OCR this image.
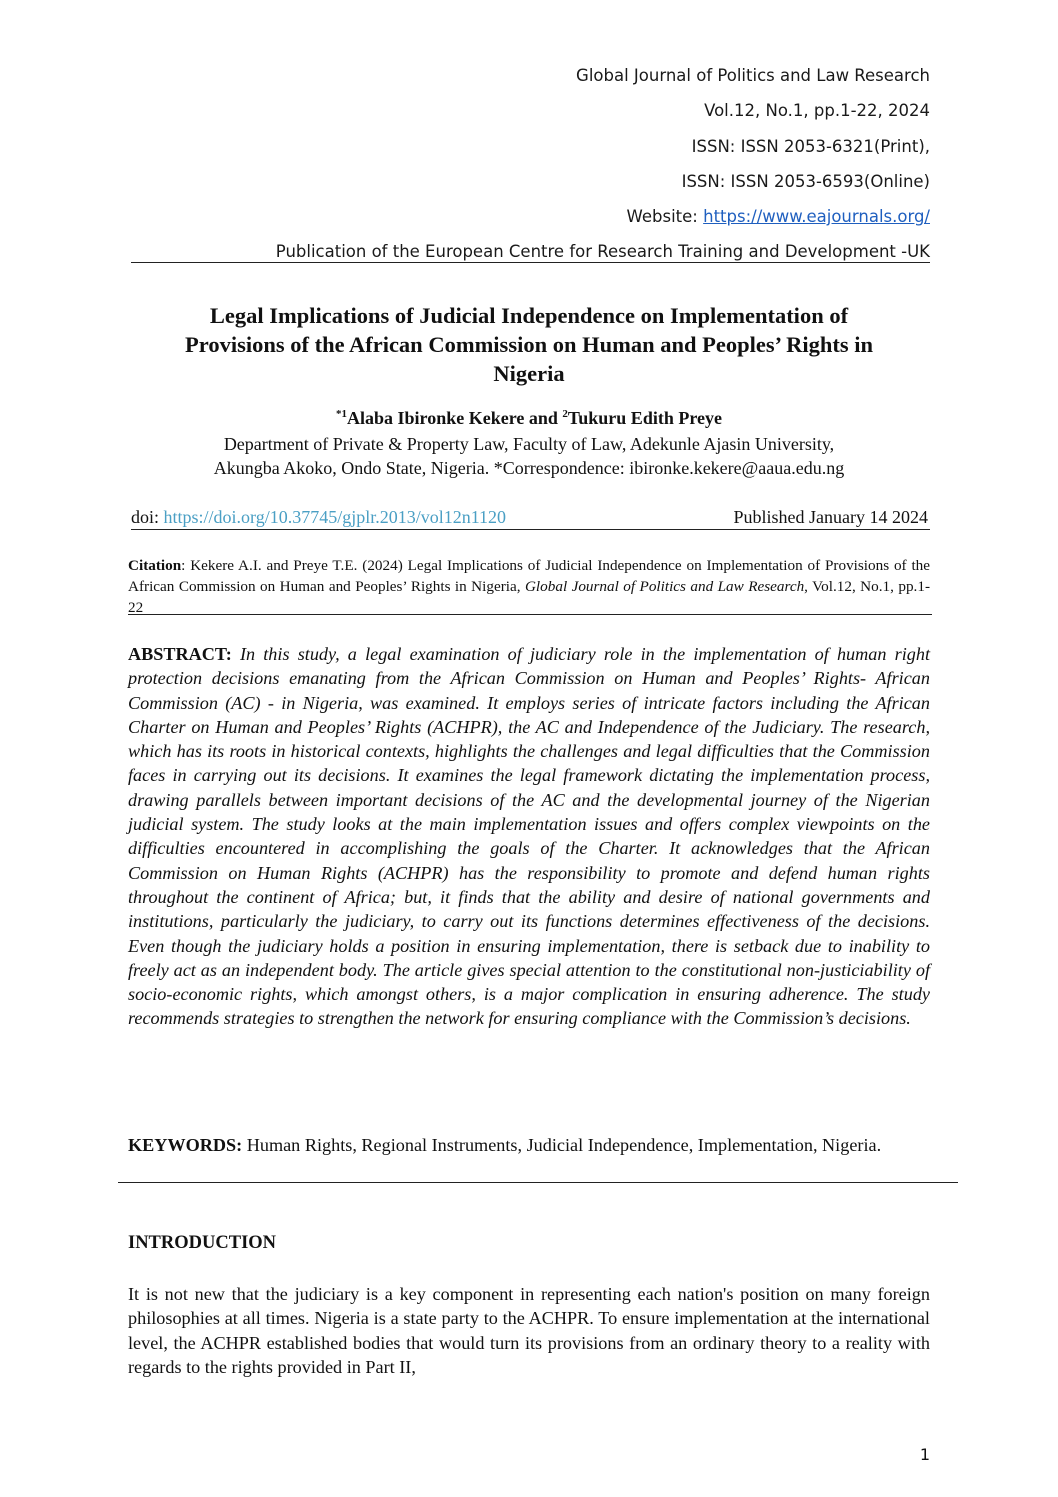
Global Journal of Politics and Law Research
Vol.12, No.1, pp.1-22, 2024
ISSN: ISSN 2053-6321(Print),
ISSN: ISSN 2053-6593(Online)
Website: https://www.eajournals.org/
Publication of the European Centre for Research Training and Development -UK
Legal Implications of Judicial Independence on Implementation of
Provisions of the African Commission on Human and Peoples’ Rights in
Nigeria
$^{*1}$Alaba Ibironke Kekere and $^2$Tukuru Edith Preye
Department of Private & Property Law, Faculty of Law, Adekunle Ajasin University,
Akungba Akoko, Ondo State, Nigeria. *Correspondence: ibironke.kekere@aaua.edu.ng
doi: https://doi.org/10.37745/gjplr.2013/vol12n1120	Published January 14 2024
Citation: Kekere A.I. and Preye T.E. (2024) Legal Implications of Judicial Independence on Implementation of Provisions of the African Commission on Human and Peoples’ Rights in Nigeria, Global Journal of Politics and Law Research, Vol.12, No.1, pp.1-22
ABSTRACT: In this study, a legal examination of judiciary role in the implementation of human right protection decisions emanating from the African Commission on Human and Peoples’ Rights- African Commission (AC) - in Nigeria, was examined. It employs series of intricate factors including the African Charter on Human and Peoples’ Rights (ACHPR), the AC and Independence of the Judiciary. The research, which has its roots in historical contexts, highlights the challenges and legal difficulties that the Commission faces in carrying out its decisions. It examines the legal framework dictating the implementation process, drawing parallels between important decisions of the AC and the developmental journey of the Nigerian judicial system. The study looks at the main implementation issues and offers complex viewpoints on the difficulties encountered in accomplishing the goals of the Charter. It acknowledges that the African Commission on Human Rights (ACHPR) has the responsibility to promote and defend human rights throughout the continent of Africa; but, it finds that the ability and desire of national governments and institutions, particularly the judiciary, to carry out its functions determines effectiveness of the decisions. Even though the judiciary holds a position in ensuring implementation, there is setback due to inability to freely act as an independent body. The article gives special attention to the constitutional non-justiciability of socio-economic rights, which amongst others, is a major complication in ensuring adherence. The study recommends strategies to strengthen the network for ensuring compliance with the Commission’s decisions.
KEYWORDS: Human Rights, Regional Instruments, Judicial Independence, Implementation, Nigeria.
INTRODUCTION
It is not new that the judiciary is a key component in representing each nation's position on many foreign philosophies at all times. Nigeria is a state party to the ACHPR. To ensure implementation at the international level, the ACHPR established bodies that would turn its provisions from an ordinary theory to a reality with regards to the rights provided in Part II,
1
